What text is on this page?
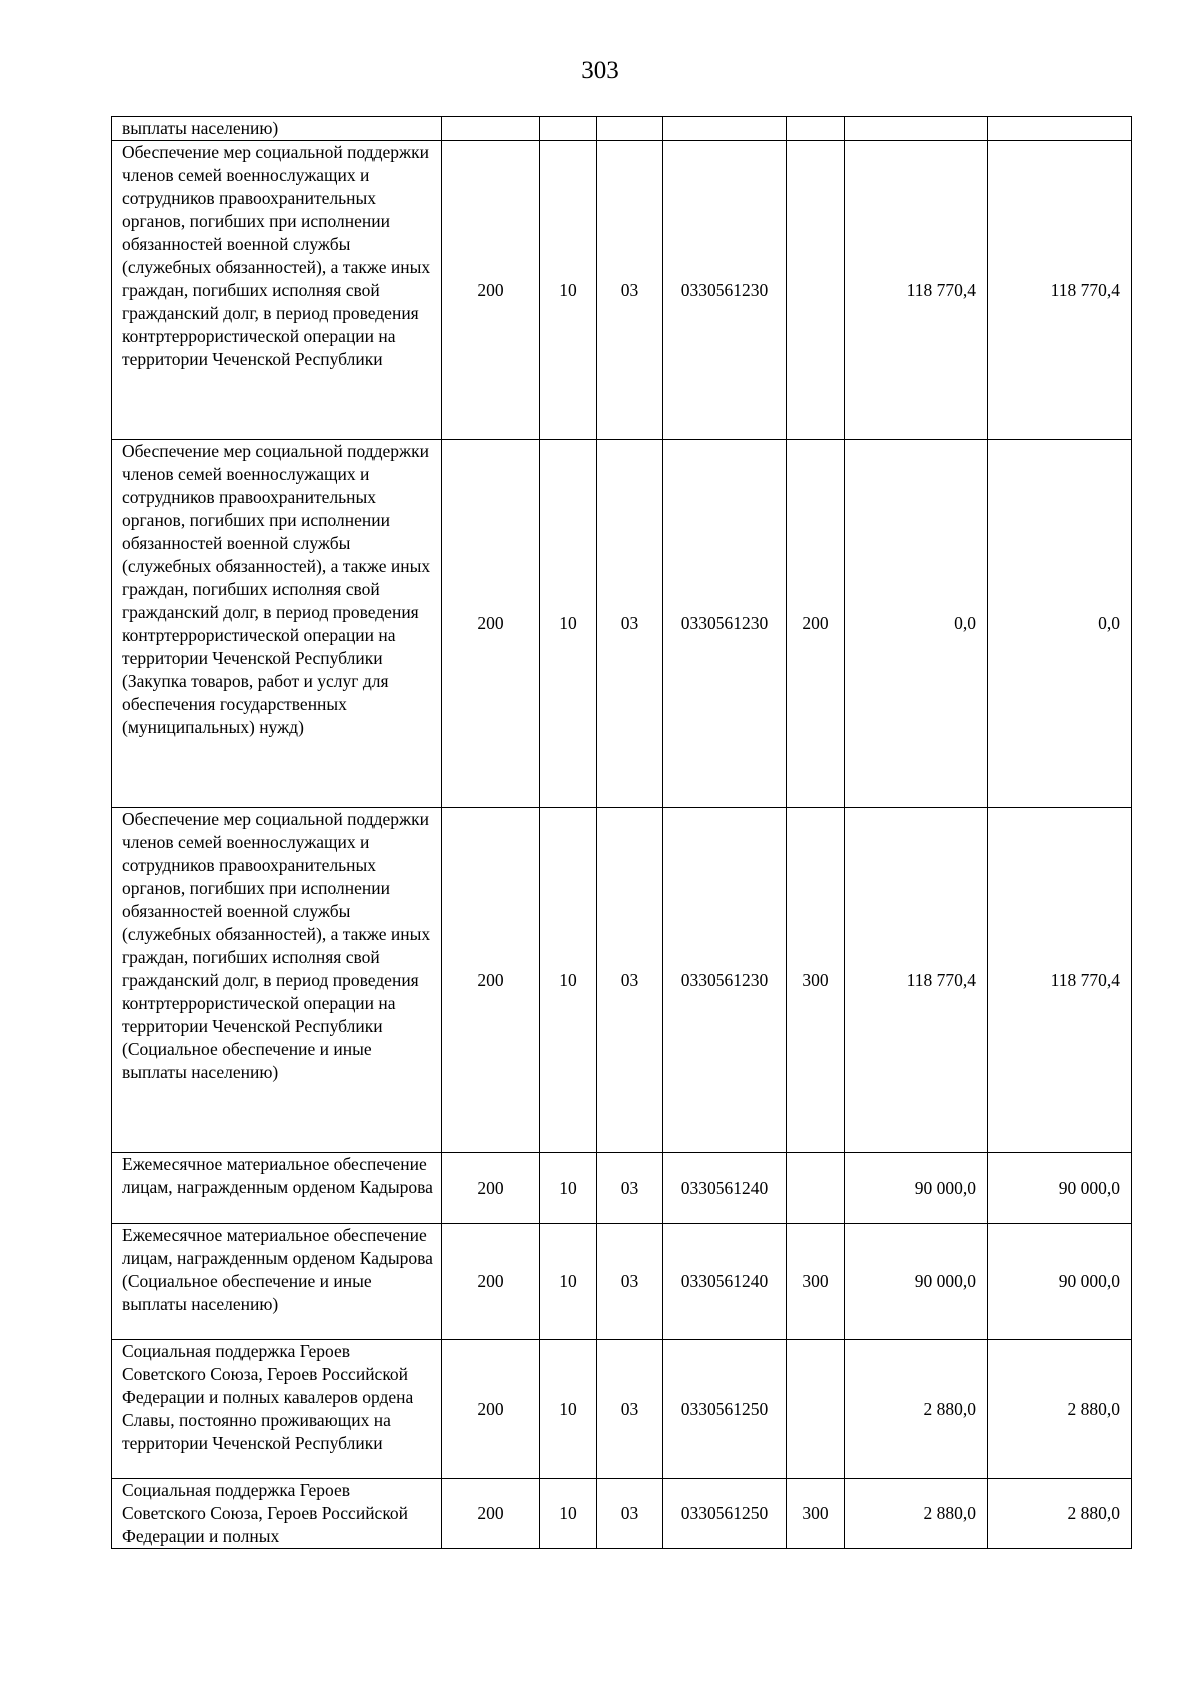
303
выплаты населению)							
Обеспечение мер социальной поддержки членов семей военнослужащих и сотрудников правоохранительных органов, погибших при исполнении обязанностей военной службы (служебных обязанностей), а также иных граждан, погибших исполняя свой гражданский долг, в период проведения контртеррористической операции на территории Чеченской Республики	200	10	03	0330561230		118 770,4	118 770,4
Обеспечение мер социальной поддержки членов семей военнослужащих и сотрудников правоохранительных органов, погибших при исполнении обязанностей военной службы (служебных обязанностей), а также иных граждан, погибших исполняя свой гражданский долг, в период проведения контртеррористической операции на территории Чеченской Республики (Закупка товаров, работ и услуг для обеспечения государственных (муниципальных) нужд)	200	10	03	0330561230	200	0,0	0,0
Обеспечение мер социальной поддержки членов семей военнослужащих и сотрудников правоохранительных органов, погибших при исполнении обязанностей военной службы (служебных обязанностей), а также иных граждан, погибших исполняя свой гражданский долг, в период проведения контртеррористической операции на территории Чеченской Республики (Социальное обеспечение и иные выплаты населению)	200	10	03	0330561230	300	118 770,4	118 770,4
Ежемесячное материальное обеспечение лицам, награжденным орденом Кадырова	200	10	03	0330561240		90 000,0	90 000,0
Ежемесячное материальное обеспечение лицам, награжденным орденом Кадырова (Социальное обеспечение и иные выплаты населению)	200	10	03	0330561240	300	90 000,0	90 000,0
Социальная поддержка Героев Советского Союза, Героев Российской Федерации и полных кавалеров ордена Славы, постоянно проживающих на территории Чеченской Республики	200	10	03	0330561250		2 880,0	2 880,0
Социальная поддержка Героев Советского Союза, Героев Российской Федерации и полных	200	10	03	0330561250	300	2 880,0	2 880,0
